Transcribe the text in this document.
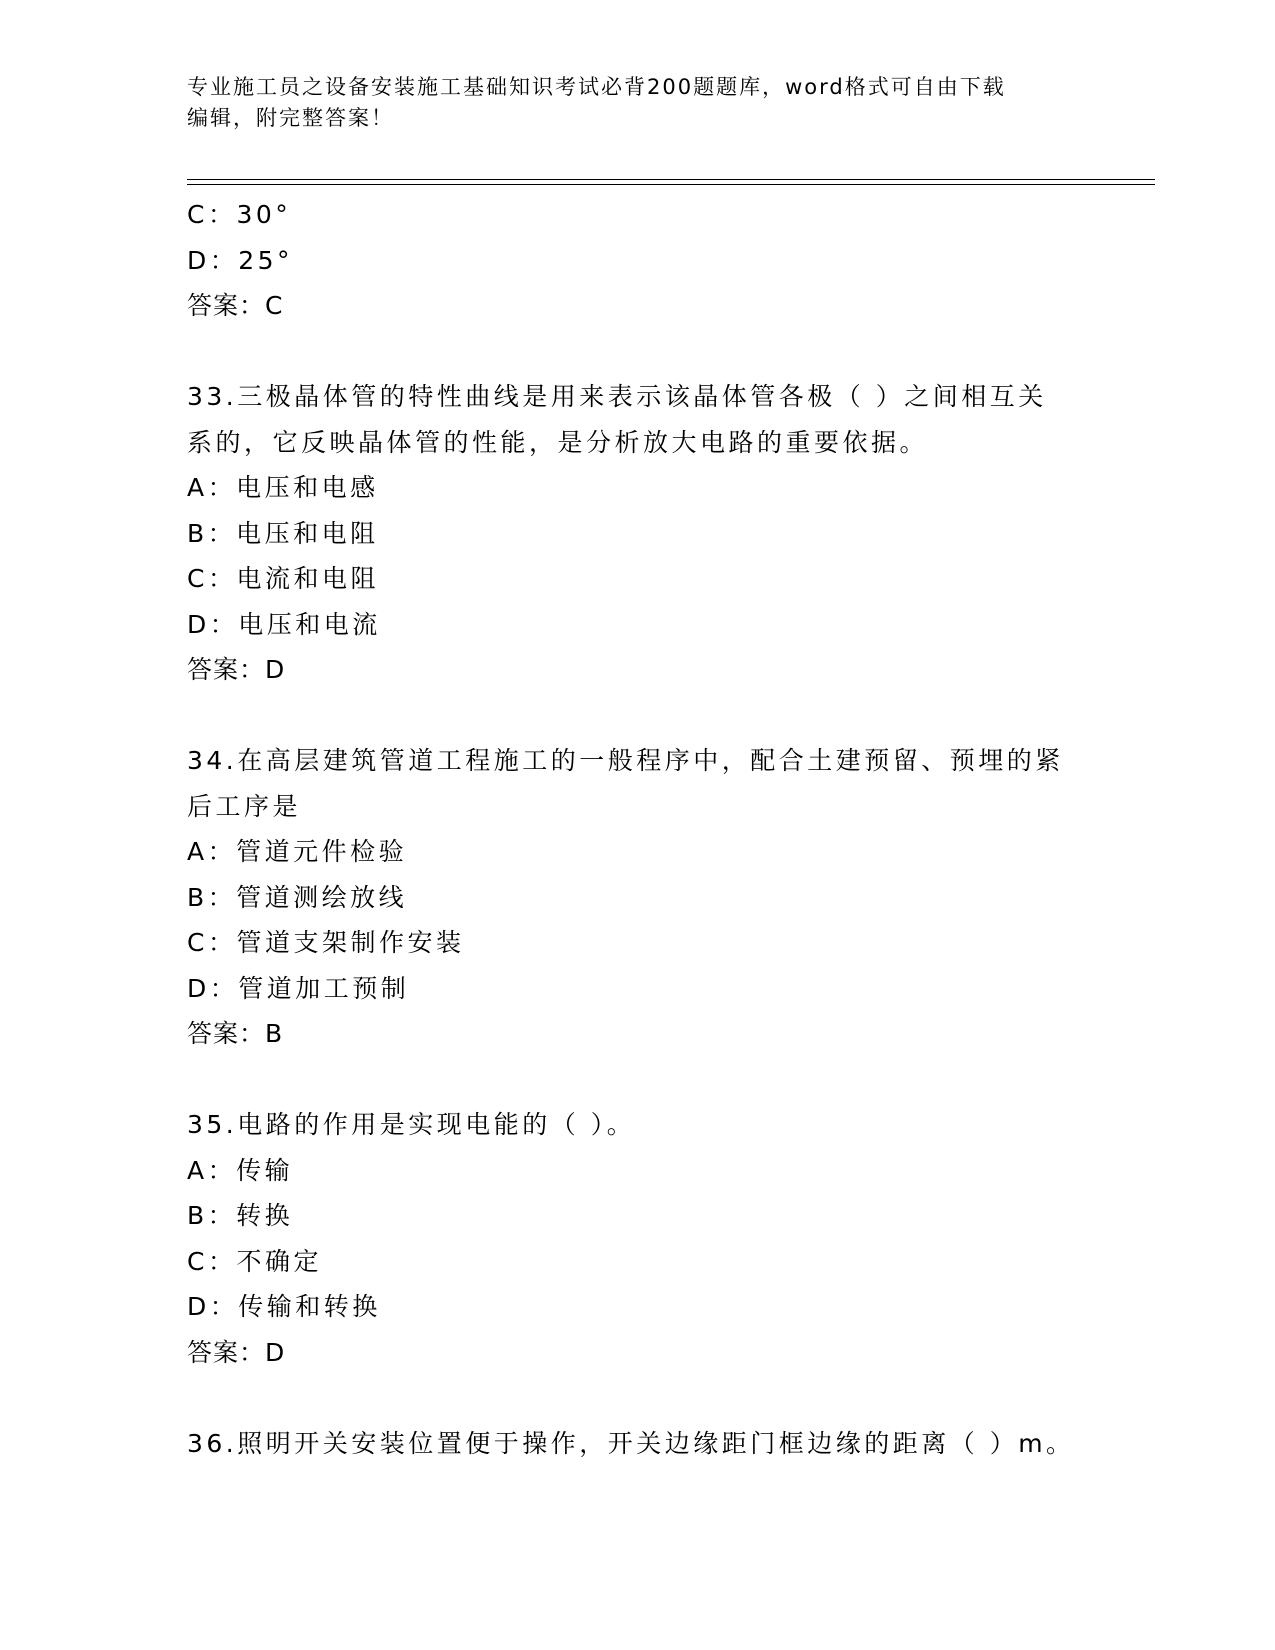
专业施工员之设备安装施工基础知识考试必背200题题库，word格式可自由下载
编辑，附完整答案！
C：30°
D：25°
答案：C
33.三极晶体管的特性曲线是用来表示该晶体管各极（ ）之间相互关
系的，它反映晶体管的性能，是分析放大电路的重要依据。
A：电压和电感
B：电压和电阻
C：电流和电阻
D：电压和电流
答案：D
34.在高层建筑管道工程施工的一般程序中，配合土建预留、预埋的紧
后工序是
A：管道元件检验
B：管道测绘放线
C：管道支架制作安装
D：管道加工预制
答案：B
35.电路的作用是实现电能的（ ）。
A：传输
B：转换
C：不确定
D：传输和转换
答案：D
36.照明开关安装位置便于操作，开关边缘距门框边缘的距离（ ）m。
